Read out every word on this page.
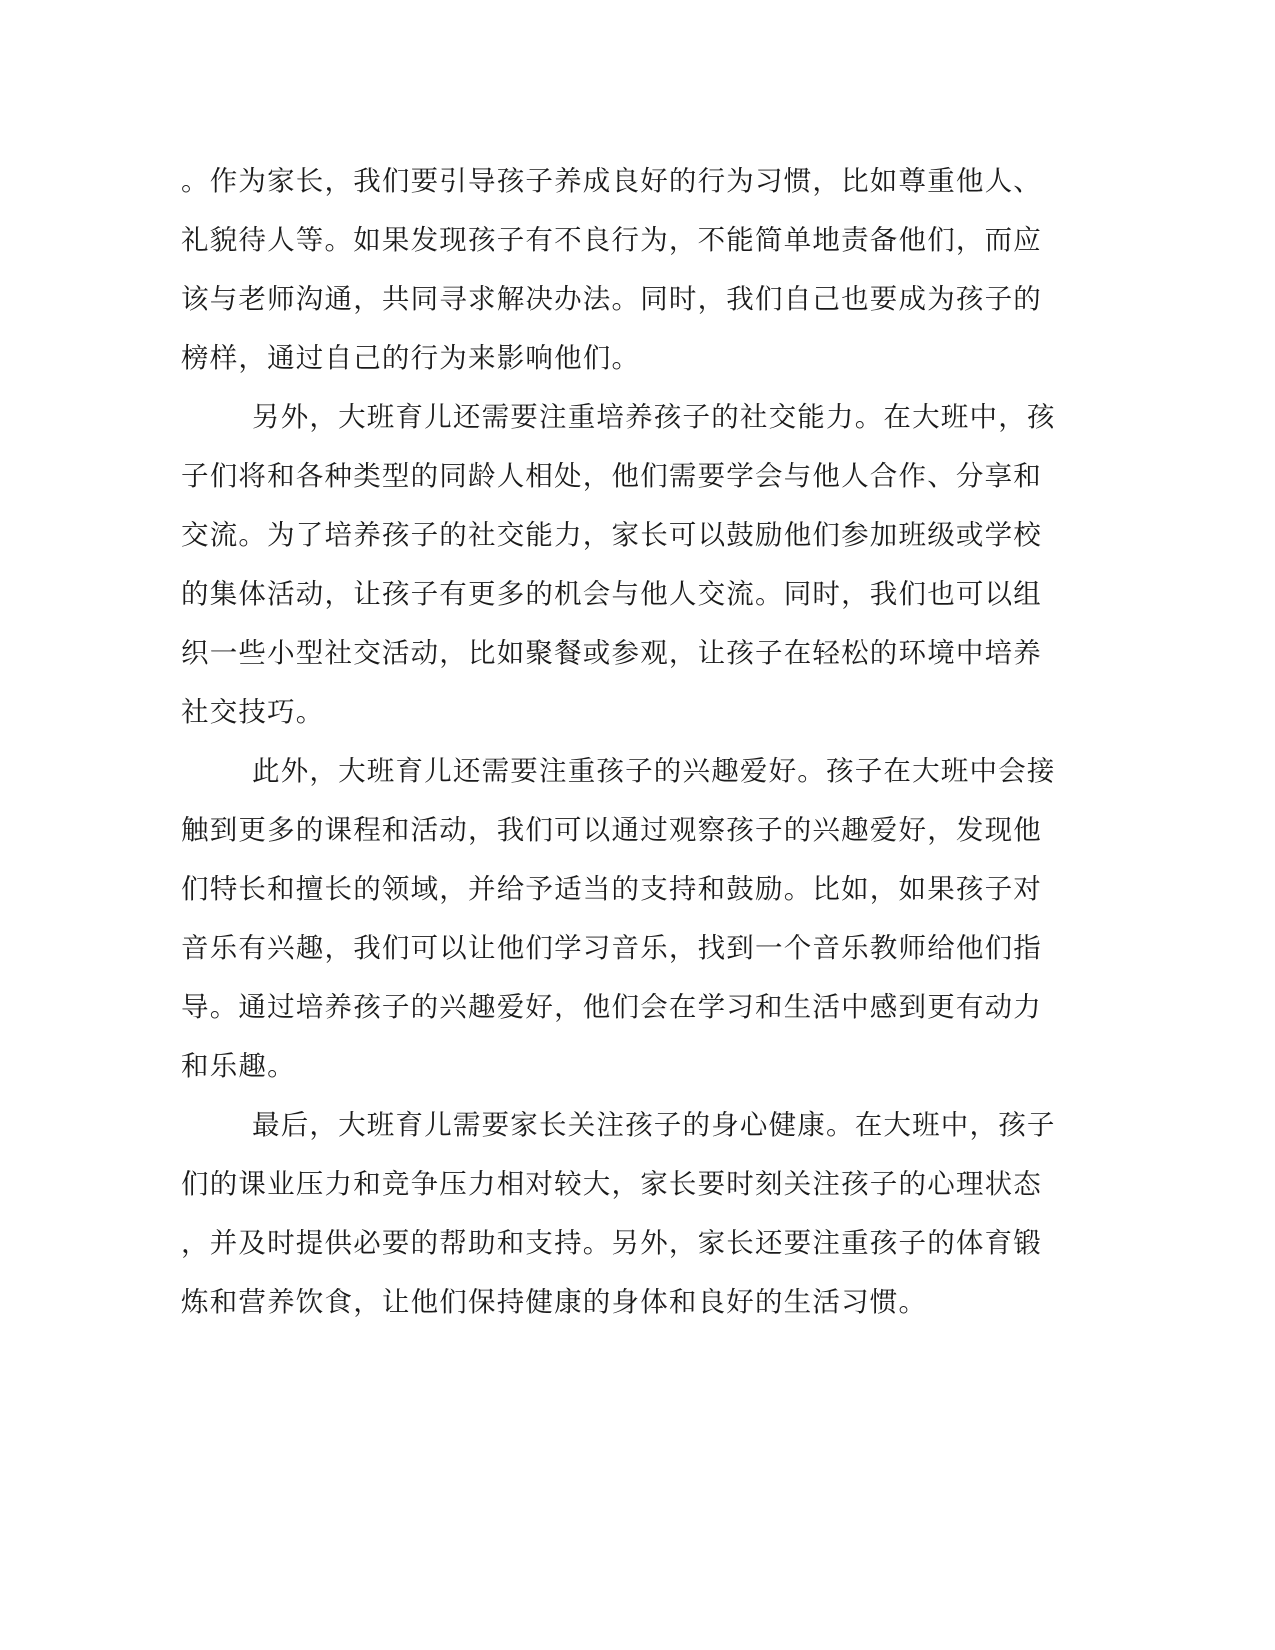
。作为家长，我们要引导孩子养成良好的行为习惯，比如尊重他人、
礼貌待人等。如果发现孩子有不良行为，不能简单地责备他们，而应
该与老师沟通，共同寻求解决办法。同时，我们自己也要成为孩子的
榜样，通过自己的行为来影响他们。
另外，大班育儿还需要注重培养孩子的社交能力。在大班中，孩
子们将和各种类型的同龄人相处，他们需要学会与他人合作、分享和
交流。为了培养孩子的社交能力，家长可以鼓励他们参加班级或学校
的集体活动，让孩子有更多的机会与他人交流。同时，我们也可以组
织一些小型社交活动，比如聚餐或参观，让孩子在轻松的环境中培养
社交技巧。
此外，大班育儿还需要注重孩子的兴趣爱好。孩子在大班中会接
触到更多的课程和活动，我们可以通过观察孩子的兴趣爱好，发现他
们特长和擅长的领域，并给予适当的支持和鼓励。比如，如果孩子对
音乐有兴趣，我们可以让他们学习音乐，找到一个音乐教师给他们指
导。通过培养孩子的兴趣爱好，他们会在学习和生活中感到更有动力
和乐趣。
最后，大班育儿需要家长关注孩子的身心健康。在大班中，孩子
们的课业压力和竞争压力相对较大，家长要时刻关注孩子的心理状态
，并及时提供必要的帮助和支持。另外，家长还要注重孩子的体育锻
炼和营养饮食，让他们保持健康的身体和良好的生活习惯。
